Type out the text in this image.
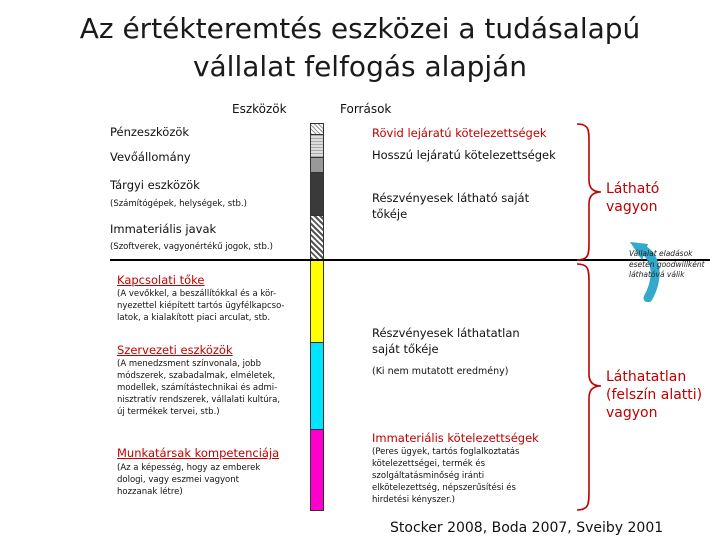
Az értékteremtés eszközei a tudásalapú
vállalat felfogás alapján
Eszközök	Források
Pénzeszközök
Vevőállomány
Tárgyi eszközök
(Számítógépek, helységek, stb.)
Immateriális javak
(Szoftverek, vagyonértékű jogok, stb.)
Kapcsolati tőke
(A vevőkkel, a beszállítókkal és a kör-
nyezettel kiépített tartós ügyfélkapcso-
latok, a kialakított piaci arculat, stb.
Szervezeti eszközök
(A menedzsment színvonala, jobb
módszerek, szabadalmak, elméletek,
modellek, számítástechnikai és admi-
nisztratív rendszerek, vállalati kultúra,
új termékek tervei, stb.)
Munkatársak kompetenciája
(Az a képesség, hogy az emberek
dologi, vagy eszmei vagyont
hozzanak létre)
Rövid lejáratú kötelezettségek
Hosszú lejáratú kötelezettségek
Részvényesek látható saját
tőkéje
Részvényesek láthatatlan
saját tőkéje
(Ki nem mutatott eredmény)
Immateriális kötelezettségek
(Peres ügyek, tartós foglalkoztatás
kötelezettségei, termék és
szolgáltatásminőség iránti
elkötelezettség, népszerűsítési és
hirdetési kényszer.)
Látható
vagyon
Láthatatlan
(felszín alatti)
vagyon
Vállalat eladások
esetén goodwillként
láthatóvá válik
Stocker 2008, Boda 2007, Sveiby 2001
